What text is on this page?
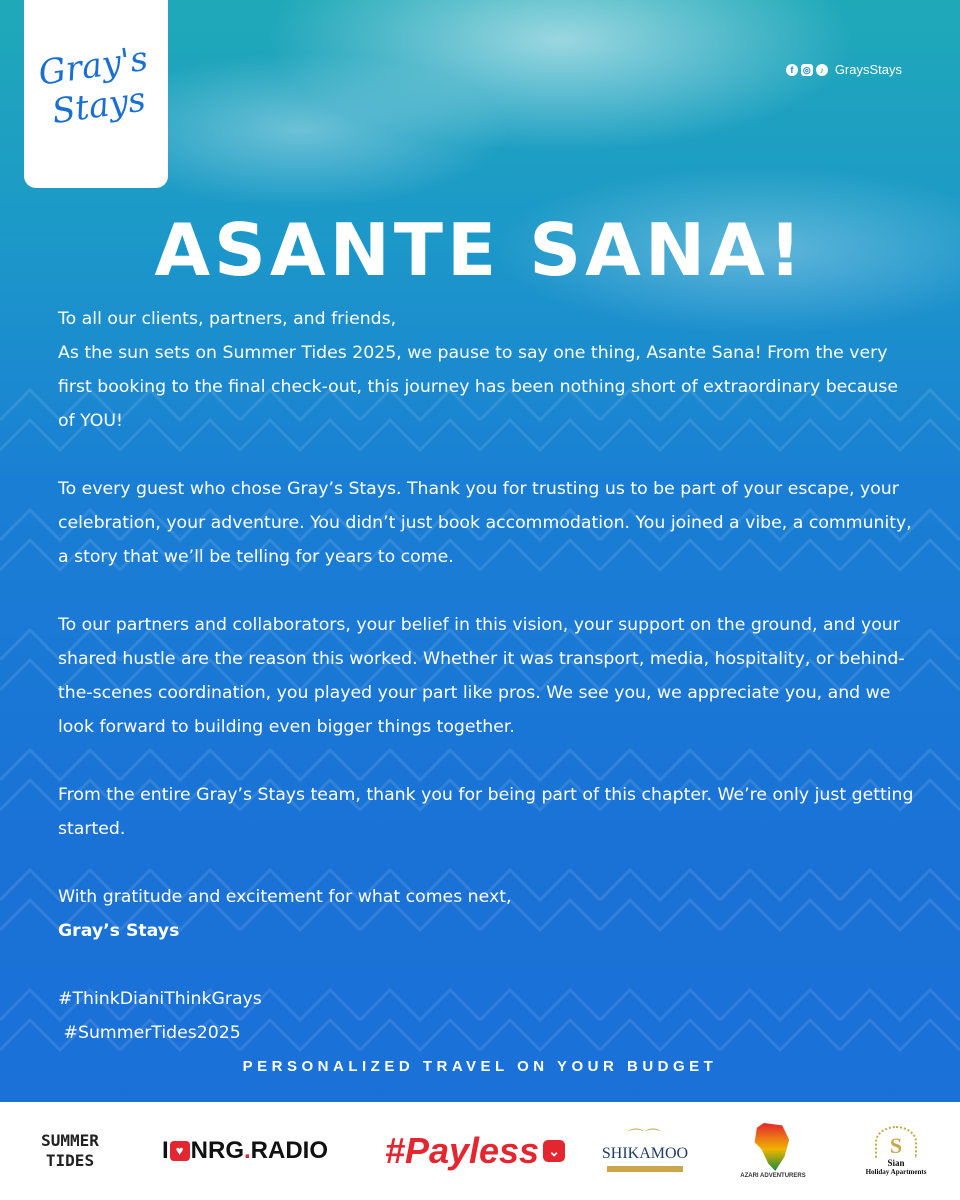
Gray's
Stays
f	◎ ♪ GraysStays
ASANTE SANA!

To all our clients, partners, and friends,

As the sun sets on Summer Tides 2025, we pause to say one thing, Asante Sana! From the very first booking to the final check-out, this journey has been nothing short of extraordinary because of YOU!

To every guest who chose Gray’s Stays. Thank you for trusting us to be part of your escape, your celebration, your adventure. You didn’t just book accommodation. You joined a vibe, a community, a story that we’ll be telling for years to come.

To our partners and collaborators, your belief in this vision, your support on the ground, and your shared hustle are the reason this worked. Whether it was transport, media, hospitality, or behind-the-scenes coordination, you played your part like pros. We see you, we appreciate you, and we look forward to building even bigger things together.

From the entire Gray’s Stays team, thank you for being part of this chapter. We’re only just getting started.

With gratitude and excitement for what comes next,

Gray’s Stays

#ThinkDianiThinkGrays

#SummerTides2025

PERSONALIZED TRAVEL ON YOUR BUDGET
SUMMER
TIDES	I ♥ NRG . RADIO #Payless ⌄
⌒⌒
SHIKAMOO
AZARI ADVENTURERS
S
Sian
Holiday Apartments
